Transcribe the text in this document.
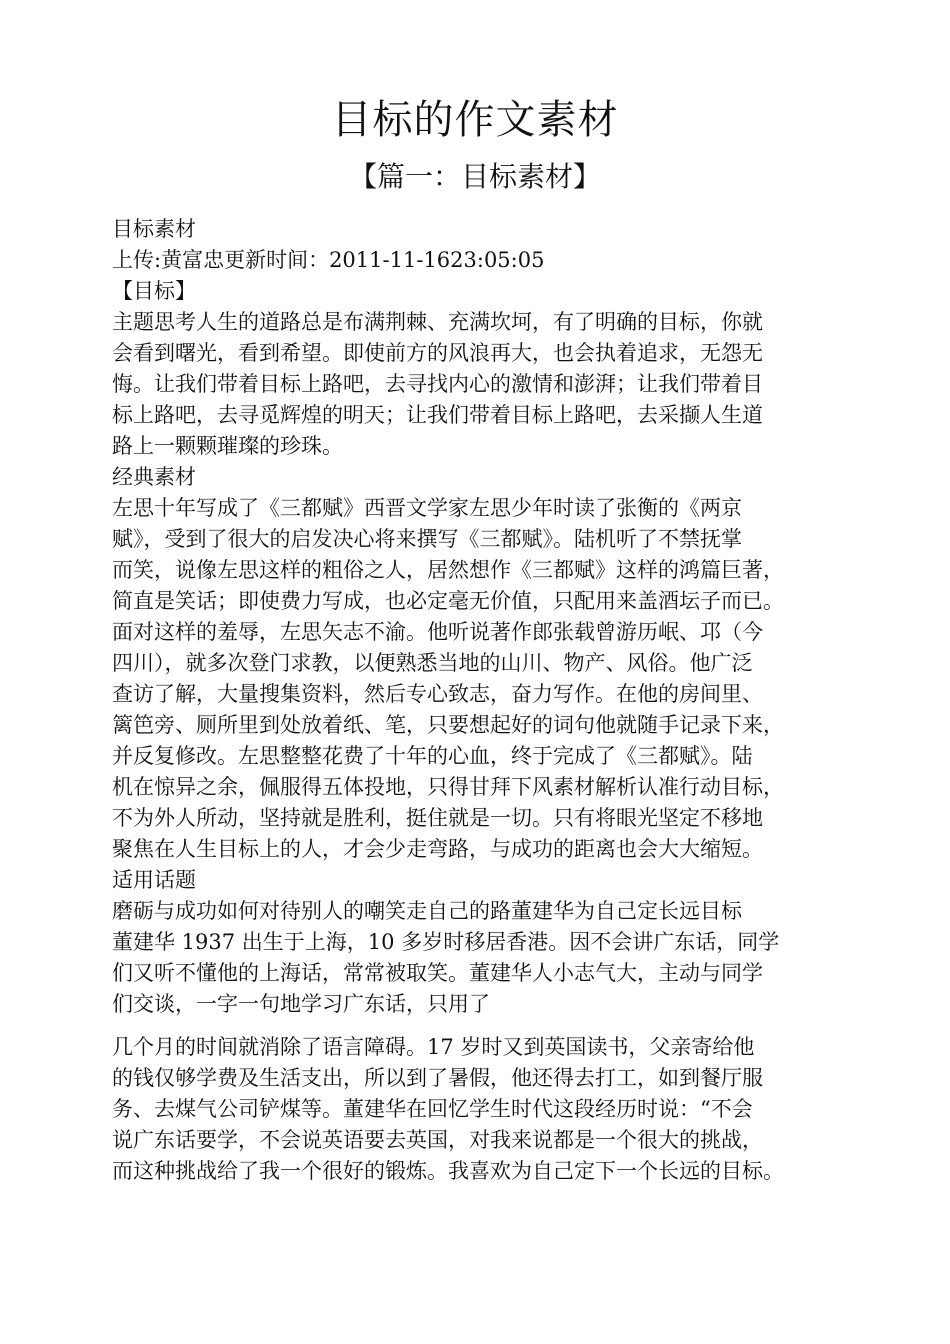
目标的作文素材
【篇一：目标素材】
目标素材
上传:黄富忠更新时间：2011-11-1623:05:05
【目标】
主题思考人生的道路总是布满荆棘、充满坎坷，有了明确的目标，你就
会看到曙光，看到希望。即使前方的风浪再大，也会执着追求，无怨无
悔。让我们带着目标上路吧，去寻找内心的激情和澎湃；让我们带着目
标上路吧，去寻觅辉煌的明天；让我们带着目标上路吧，去采撷人生道
路上一颗颗璀璨的珍珠。
经典素材
左思十年写成了《三都赋》西晋文学家左思少年时读了张衡的《两京
赋》，受到了很大的启发决心将来撰写《三都赋》。陆机听了不禁抚掌
而笑，说像左思这样的粗俗之人，居然想作《三都赋》这样的鸿篇巨著，
简直是笑话；即使费力写成，也必定毫无价值，只配用来盖酒坛子而已。
面对这样的羞辱，左思矢志不渝。他听说著作郎张载曾游历岷、邛（今
四川），就多次登门求教，以便熟悉当地的山川、物产、风俗。他广泛
查访了解，大量搜集资料，然后专心致志，奋力写作。在他的房间里、
篱笆旁、厕所里到处放着纸、笔，只要想起好的词句他就随手记录下来，
并反复修改。左思整整花费了十年的心血，终于完成了《三都赋》。陆
机在惊异之余，佩服得五体投地，只得甘拜下风素材解析认准行动目标，
不为外人所动，坚持就是胜利，挺住就是一切。只有将眼光坚定不移地
聚焦在人生目标上的人，才会少走弯路，与成功的距离也会大大缩短。
适用话题
磨砺与成功如何对待别人的嘲笑走自己的路董建华为自己定长远目标
董建华 1937 出生于上海，10 多岁时移居香港。因不会讲广东话，同学
们又听不懂他的上海话，常常被取笑。董建华人小志气大，主动与同学
们交谈，一字一句地学习广东话，只用了
几个月的时间就消除了语言障碍。17 岁时又到英国读书，父亲寄给他
的钱仅够学费及生活支出，所以到了暑假，他还得去打工，如到餐厅服
务、去煤气公司铲煤等。董建华在回忆学生时代这段经历时说：“不会
说广东话要学，不会说英语要去英国，对我来说都是一个很大的挑战，
而这种挑战给了我一个很好的锻炼。我喜欢为自己定下一个长远的目标。
